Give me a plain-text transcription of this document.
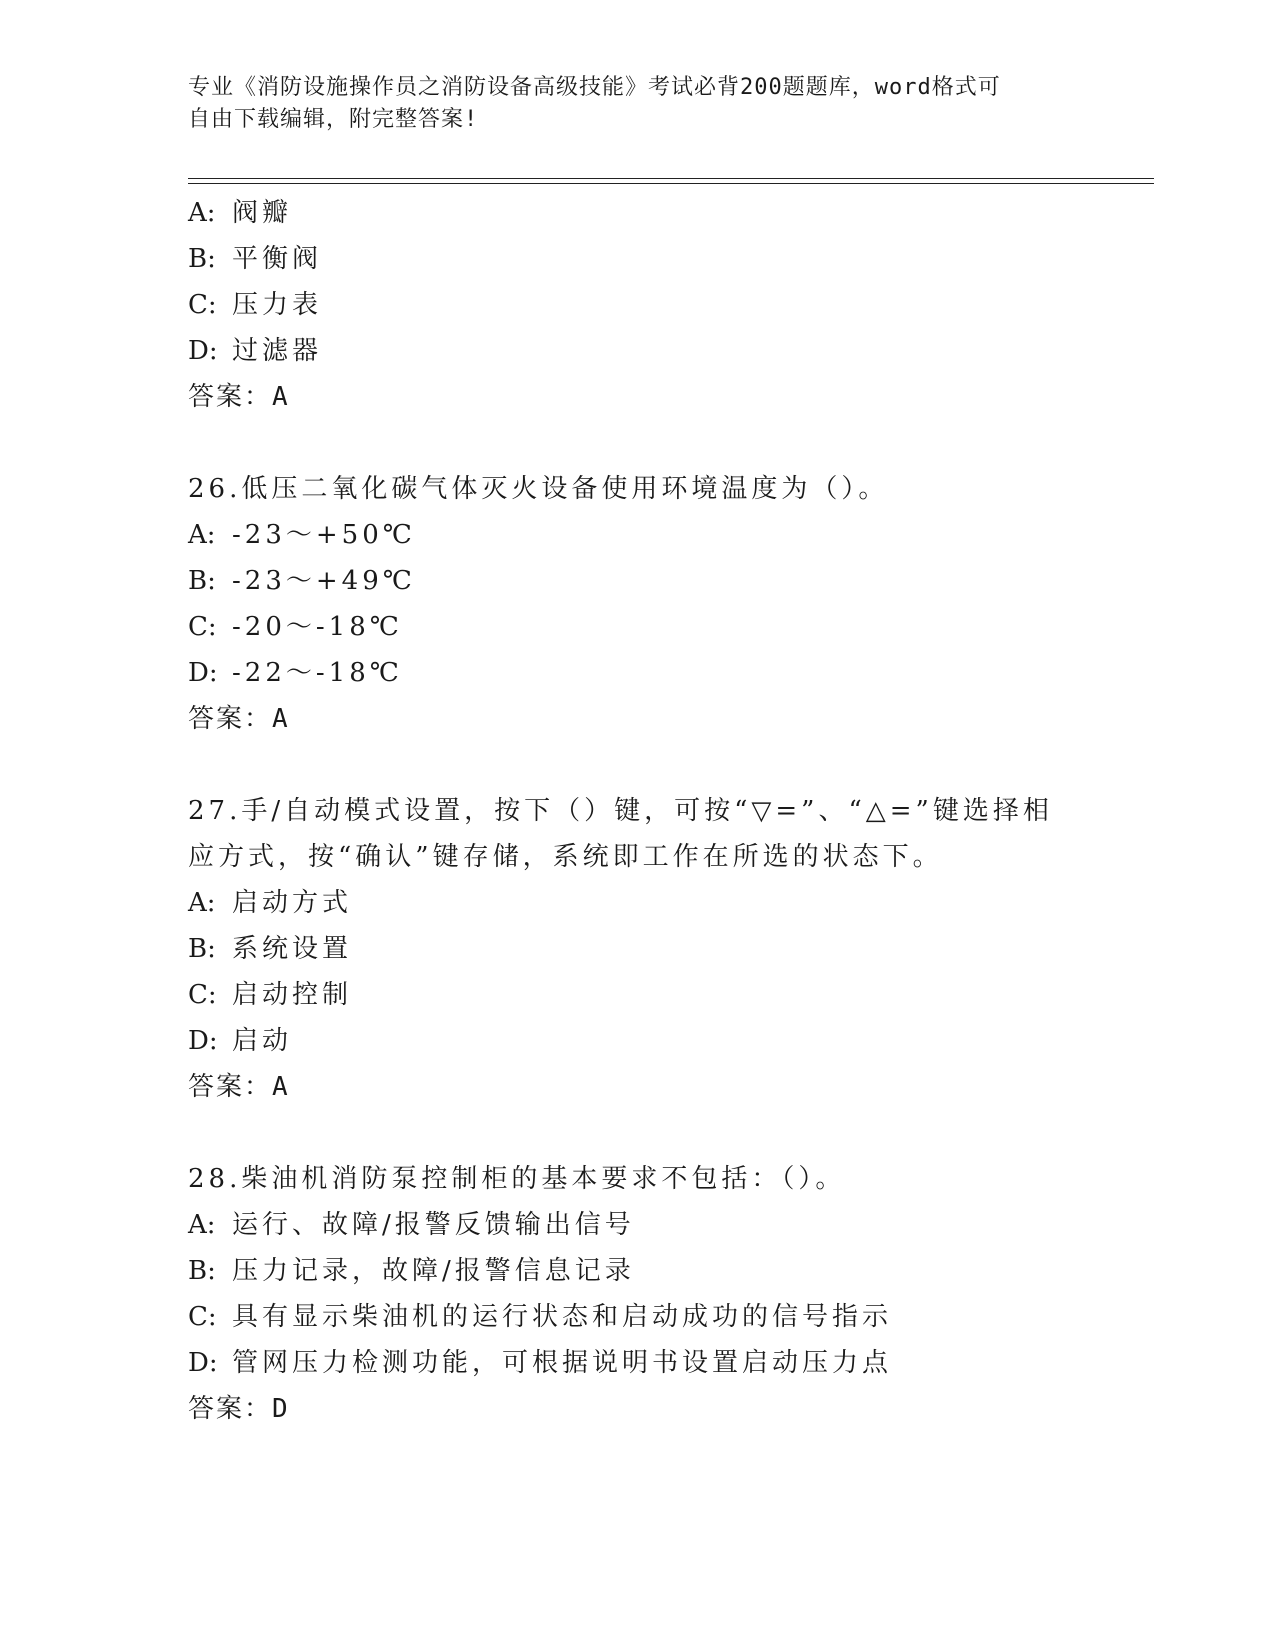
专业《消防设施操作员之消防设备高级技能》考试必背200题题库，word格式可
自由下载编辑，附完整答案!
A: 阀瓣
B: 平衡阀
C: 压力表
D: 过滤器
答案：A
26.低压二氧化碳气体灭火设备使用环境温度为（）。
A: -23～+50℃
B: -23～+49℃
C: -20～-18℃
D: -22～-18℃
答案：A
27.手/自动模式设置，按下（）键，可按“▽=”、“△=”键选择相
应方式，按“确认”键存储，系统即工作在所选的状态下。
A: 启动方式
B: 系统设置
C: 启动控制
D: 启动
答案：A
28.柴油机消防泵控制柜的基本要求不包括：（）。
A: 运行、故障/报警反馈输出信号
B: 压力记录，故障/报警信息记录
C: 具有显示柴油机的运行状态和启动成功的信号指示
D: 管网压力检测功能，可根据说明书设置启动压力点
答案：D
